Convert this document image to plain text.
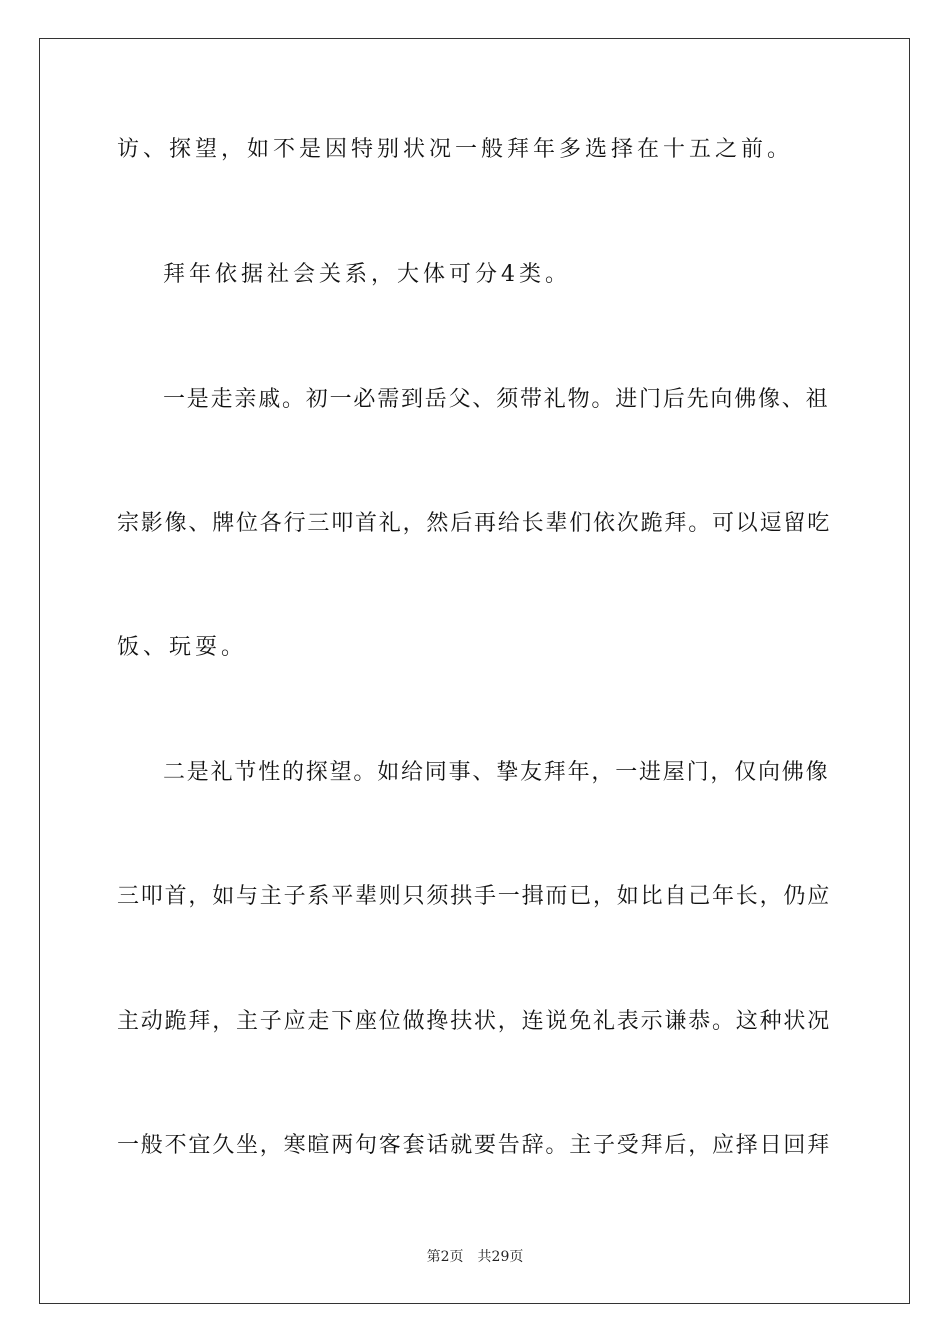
访、探望，如不是因特别状况一般拜年多选择在十五之前。
拜年依据社会关系，大体可分4类。
一是走亲戚。初一必需到岳父、须带礼物。进门后先向佛像、祖
宗影像、牌位各行三叩首礼，然后再给长辈们依次跪拜。可以逗留吃
饭、玩耍。
二是礼节性的探望。如给同事、挚友拜年，一进屋门，仅向佛像
三叩首，如与主子系平辈则只须拱手一揖而已，如比自己年长，仍应
主动跪拜，主子应走下座位做搀扶状，连说免礼表示谦恭。这种状况
一般不宜久坐，寒暄两句客套话就要告辞。主子受拜后，应择日回拜
第2页 共29页
